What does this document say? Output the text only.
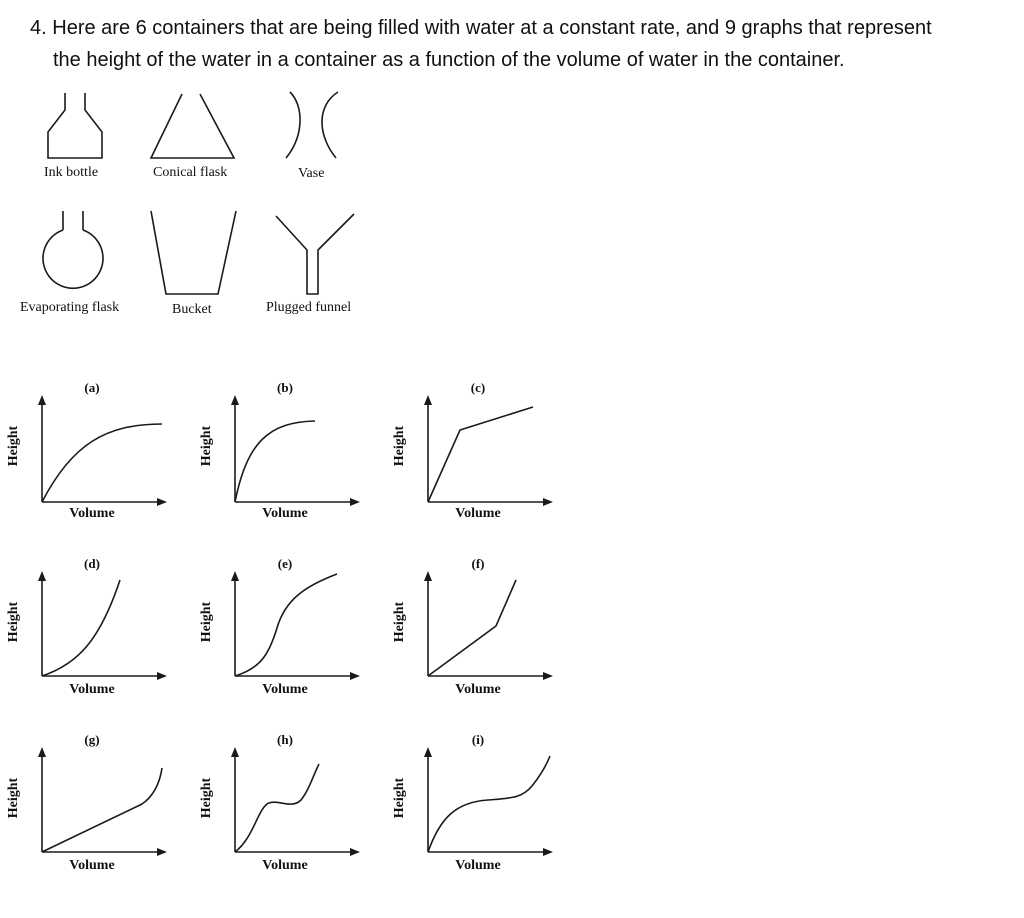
4. Here are 6 containers that are being filled with water at a constant rate, and 9 graphs that represent
the height of the water in a container as a function of the volume of water in the container.
Ink bottle	Conical flask	Vase
Evaporating flask	Bucket	Plugged funnel
(a)
Height
Volume
(b)
Height
Volume
(c)
Height
Volume
(d)
Height
Volume
(e)
Height
Volume
(f)
Height
Volume
(g)
Height
Volume
(h)
Height
Volume
(i)
Height
Volume
